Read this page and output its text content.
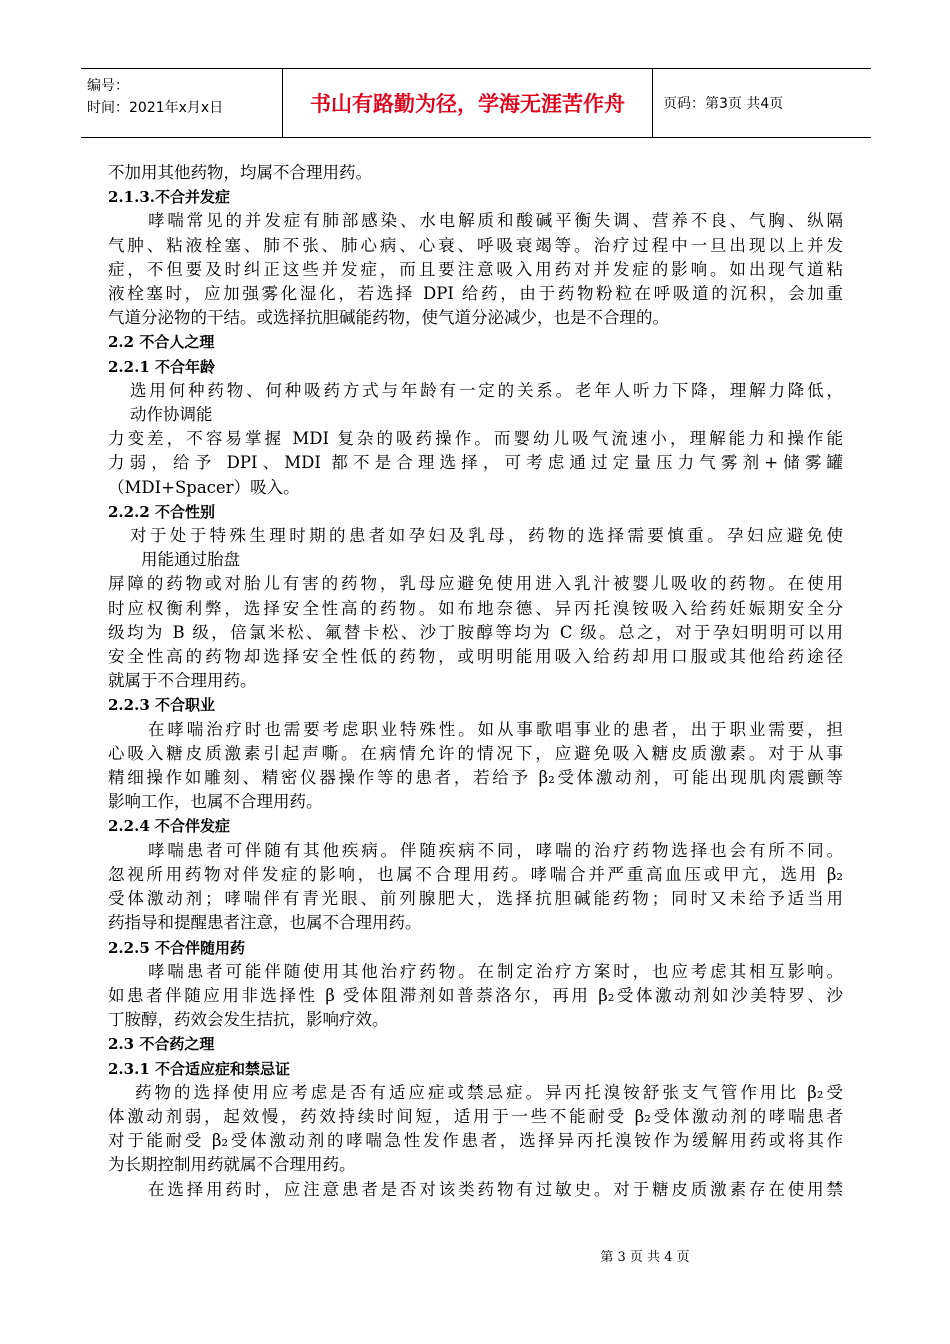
编号：
时间：2021年x月x日	书山有路勤为径，学海无涯苦作舟	页码：第3页 共4页
不加用其他药物，均属不合理用药。
2.1.3.不合并发症
哮喘常见的并发症有肺部感染、水电解质和酸碱平衡失调、营养不良、气胸、纵隔
气肿、粘液栓塞、肺不张、肺心病、心衰、呼吸衰竭等。治疗过程中一旦出现以上并发
症，不但要及时纠正这些并发症，而且要注意吸入用药对并发症的影响。如出现气道粘
液栓塞时，应加强雾化湿化，若选择 DPI 给药，由于药物粉粒在呼吸道的沉积，会加重
气道分泌物的干结。或选择抗胆碱能药物，使气道分泌减少，也是不合理的。
2.2 不合人之理
2.2.1 不合年龄
选用何种药物、何种吸药方式与年龄有一定的关系。老年人听力下降，理解力降低，
动作协调能
力变差，不容易掌握 MDI 复杂的吸药操作。而婴幼儿吸气流速小，理解能力和操作能
力弱，给予 DPI、MDI 都不是合理选择，可考虑通过定量压力气雾剂+储雾罐
（MDI+Spacer）吸入。
2.2.2 不合性别
对于处于特殊生理时期的患者如孕妇及乳母，药物的选择需要慎重。孕妇应避免使
用能通过胎盘
屏障的药物或对胎儿有害的药物，乳母应避免使用进入乳汁被婴儿吸收的药物。在使用
时应权衡利弊，选择安全性高的药物。如布地奈德、异丙托溴铵吸入给药妊娠期安全分
级均为 B 级，倍氯米松、氟替卡松、沙丁胺醇等均为 C 级。总之，对于孕妇明明可以用
安全性高的药物却选择安全性低的药物，或明明能用吸入给药却用口服或其他给药途径
就属于不合理用药。
2.2.3 不合职业
在哮喘治疗时也需要考虑职业特殊性。如从事歌唱事业的患者，出于职业需要，担
心吸入糖皮质激素引起声嘶。在病情允许的情况下，应避免吸入糖皮质激素。对于从事
精细操作如雕刻、精密仪器操作等的患者，若给予 β₂受体激动剂，可能出现肌肉震颤等
影响工作，也属不合理用药。
2.2.4 不合伴发症
哮喘患者可伴随有其他疾病。伴随疾病不同，哮喘的治疗药物选择也会有所不同。
忽视所用药物对伴发症的影响，也属不合理用药。哮喘合并严重高血压或甲亢，选用 β₂
受体激动剂；哮喘伴有青光眼、前列腺肥大，选择抗胆碱能药物；同时又未给予适当用
药指导和提醒患者注意，也属不合理用药。
2.2.5 不合伴随用药
哮喘患者可能伴随使用其他治疗药物。在制定治疗方案时，也应考虑其相互影响。
如患者伴随应用非选择性 β 受体阻滞剂如普萘洛尔，再用 β₂受体激动剂如沙美特罗、沙
丁胺醇，药效会发生拮抗，影响疗效。
2.3 不合药之理
2.3.1 不合适应症和禁忌证
药物的选择使用应考虑是否有适应症或禁忌症。异丙托溴铵舒张支气管作用比 β₂受
体激动剂弱，起效慢，药效持续时间短，适用于一些不能耐受 β₂受体激动剂的哮喘患者
对于能耐受 β₂受体激动剂的哮喘急性发作患者，选择异丙托溴铵作为缓解用药或将其作
为长期控制用药就属不合理用药。
在选择用药时，应注意患者是否对该类药物有过敏史。对于糖皮质激素存在使用禁
第 3 页 共 4 页
